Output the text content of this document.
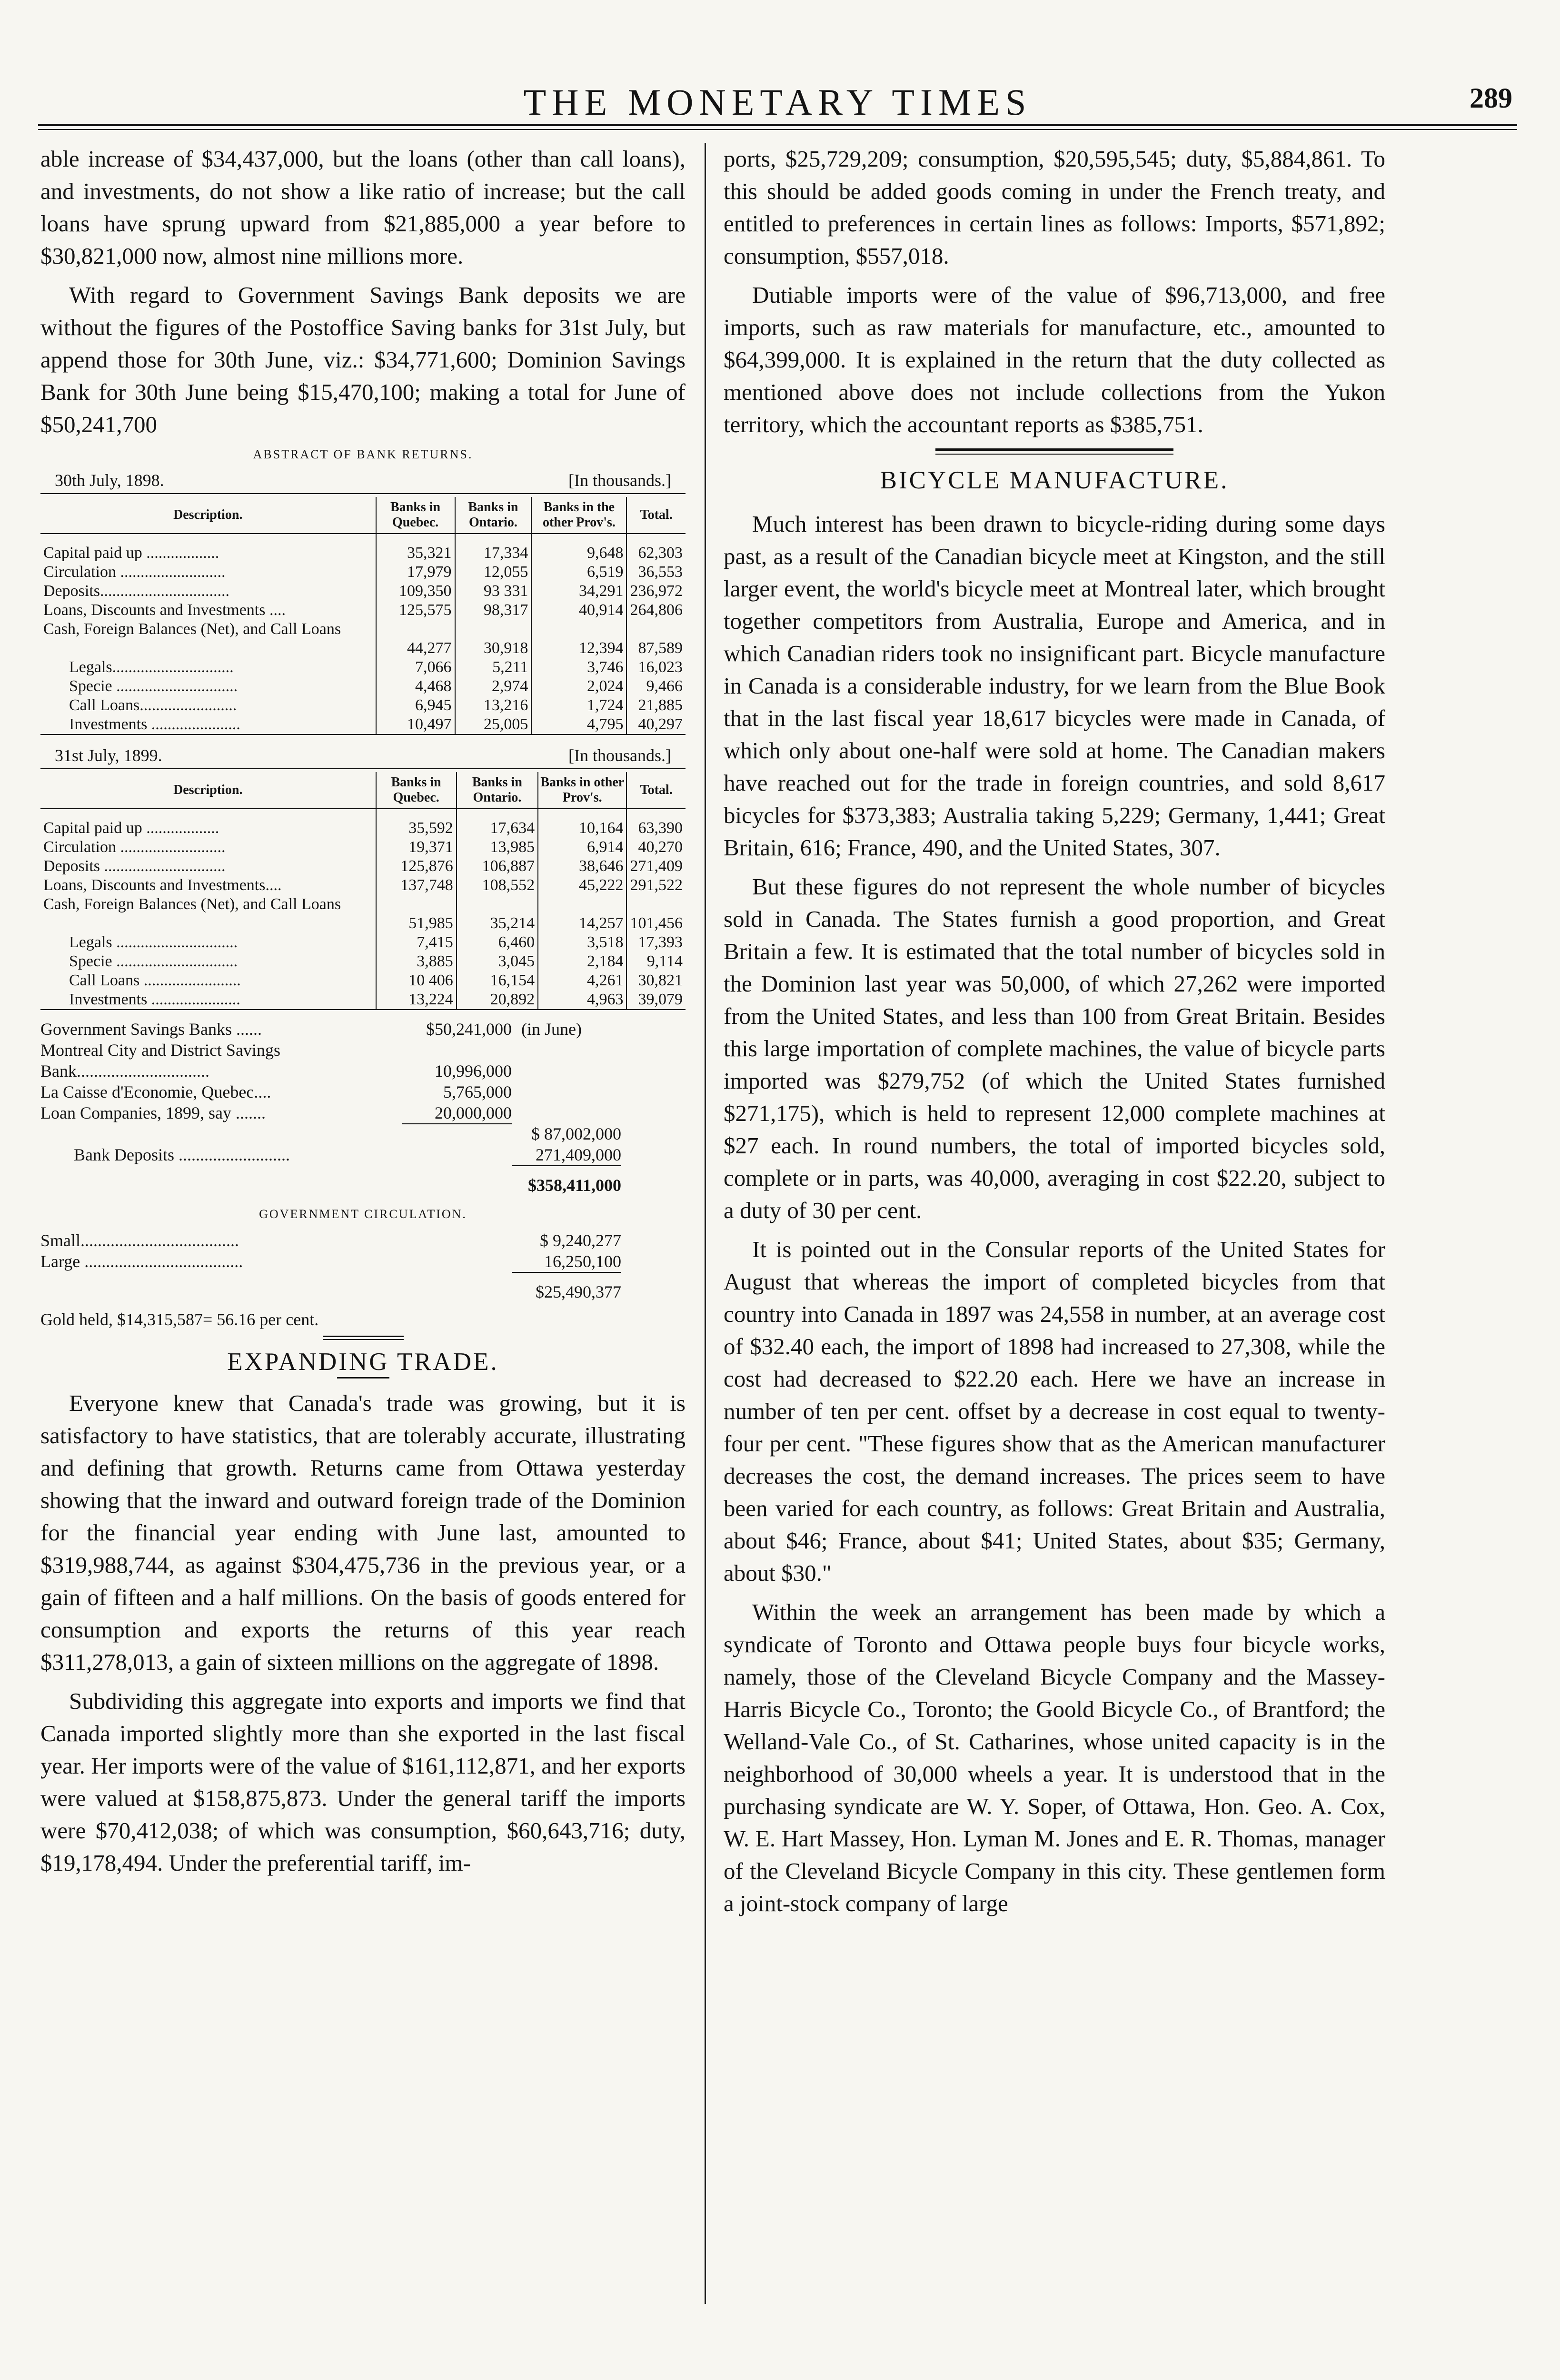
THE MONETARY TIMES	289

able increase of $34,437,000, but the loans (other than call loans), and investments, do not show a like ratio of increase; but the call loans have sprung upward from $21,885,000 a year before to $30,821,000 now, almost nine millions more.

With regard to Government Savings Bank deposits we are without the figures of the Postoffice Saving banks for 31st July, but append those for 30th June, viz.: $34,771,600; Dominion Savings Bank for 30th June being $15,470,100; making a total for June of $50,241,700

ABSTRACT OF BANK RETURNS.
30th July, 1898.	[In thousands.]
Description.	Banks in Quebec.	Banks in Ontario.	Banks in the other Prov's.	Total.

Capital paid up ..................	35,321	17,334	9,648	62,303
Circulation ..........................	17,979	12,055	6,519	36,553
Deposits................................	109,350	93 331	34,291	236,972
Loans, Discounts and Investments ....	125,575	98,317	40,914	264,806
Cash, Foreign Balances (Net), and Call Loans				
	44,277	30,918	12,394	87,589
Legals..............................	7,066	5,211	3,746	16,023
Specie ..............................	4,468	2,974	2,024	9,466
Call Loans........................	6,945	13,216	1,724	21,885
Investments ......................	10,497	25,005	4,795	40,297
31st July, 1899.	[In thousands.]
Description.	Banks in Quebec.	Banks in Ontario.	Banks in other Prov's.	Total.

Capital paid up ..................	35,592	17,634	10,164	63,390
Circulation ..........................	19,371	13,985	6,914	40,270
Deposits ..............................	125,876	106,887	38,646	271,409
Loans, Discounts and Investments....	137,748	108,552	45,222	291,522
Cash, Foreign Balances (Net), and Call Loans				
	51,985	35,214	14,257	101,456
Legals ..............................	7,415	6,460	3,518	17,393
Specie ..............................	3,885	3,045	2,184	9,114
Call Loans ........................	10 406	16,154	4,261	30,821
Investments ......................	13,224	20,892	4,963	39,079
Government Savings Banks ......	$50,241,000 (in June)
Montreal City and District Savings Bank...............................	10,996,000
La Caisse d'Economie, Quebec....	5,765,000
Loan Companies, 1899, say .......	20,000,000
$ 87,002,000
Bank Deposits ..........................	271,409,000
$358,411,000
GOVERNMENT CIRCULATION.
Small.....................................	$ 9,240,277
Large .....................................	16,250,100
$25,490,377
Gold held, $14,315,587= 56.16 per cent.
EXPANDING TRADE.

Everyone knew that Canada's trade was growing, but it is satisfactory to have statistics, that are tolerably accurate, illustrating and defining that growth. Returns came from Ottawa yesterday showing that the inward and outward foreign trade of the Dominion for the financial year ending with June last, amounted to $319,988,744, as against $304,475,736 in the previous year, or a gain of fifteen and a half millions. On the basis of goods entered for consumption and exports the returns of this year reach $311,278,013, a gain of sixteen millions on the aggregate of 1898.

Subdividing this aggregate into exports and imports we find that Canada imported slightly more than she exported in the last fiscal year. Her imports were of the value of $161,112,871, and her exports were valued at $158,875,873. Under the general tariff the imports were $70,412,038; of which was consumption, $60,643,716; duty, $19,178,494. Under the preferential tariff, im-

ports, $25,729,209; consumption, $20,595,545; duty, $5,884,861. To this should be added goods coming in under the French treaty, and entitled to preferences in certain lines as follows: Imports, $571,892; consumption, $557,018.

Dutiable imports were of the value of $96,713,000, and free imports, such as raw materials for manufacture, etc., amounted to $64,399,000. It is explained in the return that the duty collected as mentioned above does not include collections from the Yukon territory, which the accountant reports as $385,751.

BICYCLE MANUFACTURE.

Much interest has been drawn to bicycle-riding during some days past, as a result of the Canadian bicycle meet at Kingston, and the still larger event, the world's bicycle meet at Montreal later, which brought together competitors from Australia, Europe and America, and in which Canadian riders took no insignificant part. Bicycle manufacture in Canada is a considerable industry, for we learn from the Blue Book that in the last fiscal year 18,617 bicycles were made in Canada, of which only about one-half were sold at home. The Canadian makers have reached out for the trade in foreign countries, and sold 8,617 bicycles for $373,383; Australia taking 5,229; Germany, 1,441; Great Britain, 616; France, 490, and the United States, 307.

But these figures do not represent the whole number of bicycles sold in Canada. The States furnish a good proportion, and Great Britain a few. It is estimated that the total number of bicycles sold in the Dominion last year was 50,000, of which 27,262 were imported from the United States, and less than 100 from Great Britain. Besides this large importation of complete machines, the value of bicycle parts imported was $279,752 (of which the United States furnished $271,175), which is held to represent 12,000 complete machines at $27 each. In round numbers, the total of imported bicycles sold, complete or in parts, was 40,000, averaging in cost $22.20, subject to a duty of 30 per cent.

It is pointed out in the Consular reports of the United States for August that whereas the import of completed bicycles from that country into Canada in 1897 was 24,558 in number, at an average cost of $32.40 each, the import of 1898 had increased to 27,308, while the cost had decreased to $22.20 each. Here we have an increase in number of ten per cent. offset by a decrease in cost equal to twenty-four per cent. "These figures show that as the American manufacturer decreases the cost, the demand increases. The prices seem to have been varied for each country, as follows: Great Britain and Australia, about $46; France, about $41; United States, about $35; Germany, about $30."

Within the week an arrangement has been made by which a syndicate of Toronto and Ottawa people buys four bicycle works, namely, those of the Cleveland Bicycle Company and the Massey-Harris Bicycle Co., Toronto; the Goold Bicycle Co., of Brantford; the Welland-Vale Co., of St. Catharines, whose united capacity is in the neighborhood of 30,000 wheels a year. It is understood that in the purchasing syndicate are W. Y. Soper, of Ottawa, Hon. Geo. A. Cox, W. E. Hart Massey, Hon. Lyman M. Jones and E. R. Thomas, manager of the Cleveland Bicycle Company in this city. These gentlemen form a joint-stock company of large
